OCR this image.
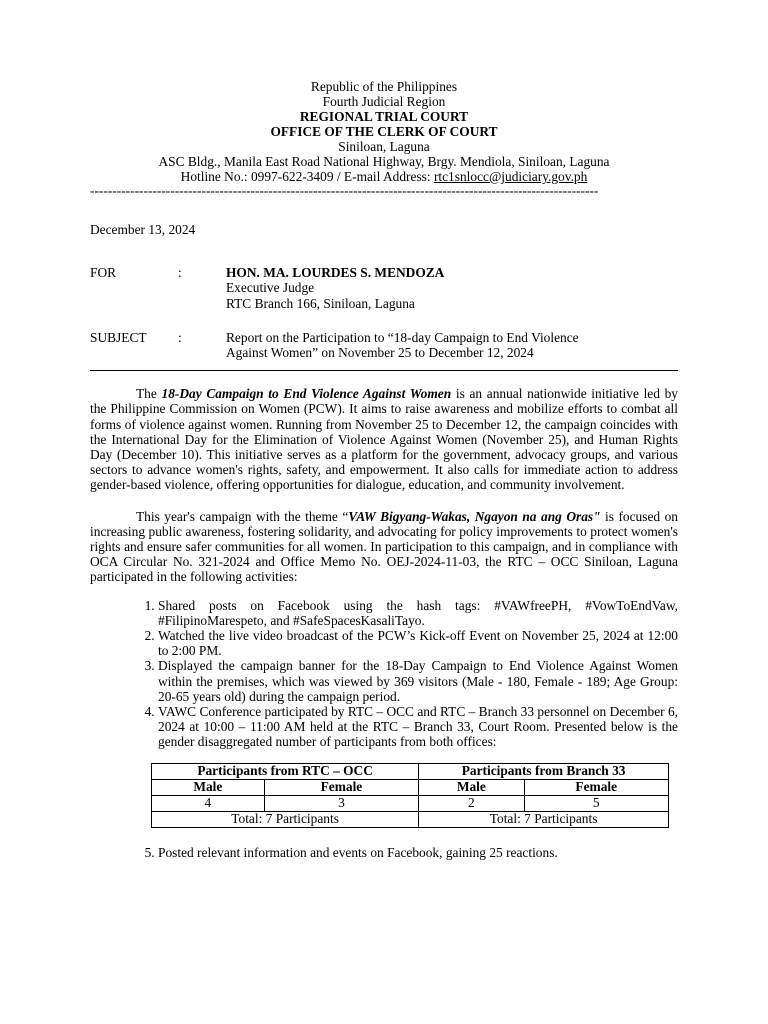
Republic of the Philippines
Fourth Judicial Region
REGIONAL TRIAL COURT
OFFICE OF THE CLERK OF COURT
Siniloan, Laguna
ASC Bldg., Manila East Road National Highway, Brgy. Mendiola, Siniloan, Laguna
Hotline No.: 0997-622-3409 / E-mail Address: rtc1snlocc@judiciary.gov.ph
------------------------------------------------------------------------------------------------------------------
December 13, 2024
FOR	:	HON. MA. LOURDES S. MENDOZA
Executive Judge
RTC Branch 166, Siniloan, Laguna
SUBJECT	:	Report on the Participation to “18-day Campaign to End Violence
Against Women” on November 25 to December 12, 2024

The 18-Day Campaign to End Violence Against Women is an annual nationwide initiative led by the Philippine Commission on Women (PCW). It aims to raise awareness and mobilize efforts to combat all forms of violence against women. Running from November 25 to December 12, the campaign coincides with the International Day for the Elimination of Violence Against Women (November 25), and Human Rights Day (December 10). This initiative serves as a platform for the government, advocacy groups, and various sectors to advance women's rights, safety, and empowerment. It also calls for immediate action to address gender-based violence, offering opportunities for dialogue, education, and community involvement.

This year's campaign with the theme “VAW Bigyang-Wakas, Ngayon na ang Oras" is focused on increasing public awareness, fostering solidarity, and advocating for policy improvements to protect women's rights and ensure safer communities for all women. In participation to this campaign, and in compliance with OCA Circular No. 321-2024 and Office Memo No. OEJ-2024-11-03, the RTC – OCC Siniloan, Laguna participated in the following activities:

1. Shared posts on Facebook using the hash tags: #VAWfreePH, #VowToEndVaw, #FilipinoMarespeto, and #SafeSpacesKasaliTayo.
2. Watched the live video broadcast of the PCW’s Kick-off Event on November 25, 2024 at 12:00 to 2:00 PM.
3. Displayed the campaign banner for the 18-Day Campaign to End Violence Against Women within the premises, which was viewed by 369 visitors (Male - 180, Female - 189; Age Group: 20-65 years old) during the campaign period.
4. VAWC Conference participated by RTC – OCC and RTC – Branch 33 personnel on December 6, 2024 at 10:00 – 11:00 AM held at the RTC – Branch 33, Court Room. Presented below is the gender disaggregated number of participants from both offices:
Participants from RTC – OCC		Participants from Branch 33	
Male	Female	Male	Female
4	3	2	5
Total: 7 Participants		Total: 7 Participants	
5. Posted relevant information and events on Facebook, gaining 25 reactions.
